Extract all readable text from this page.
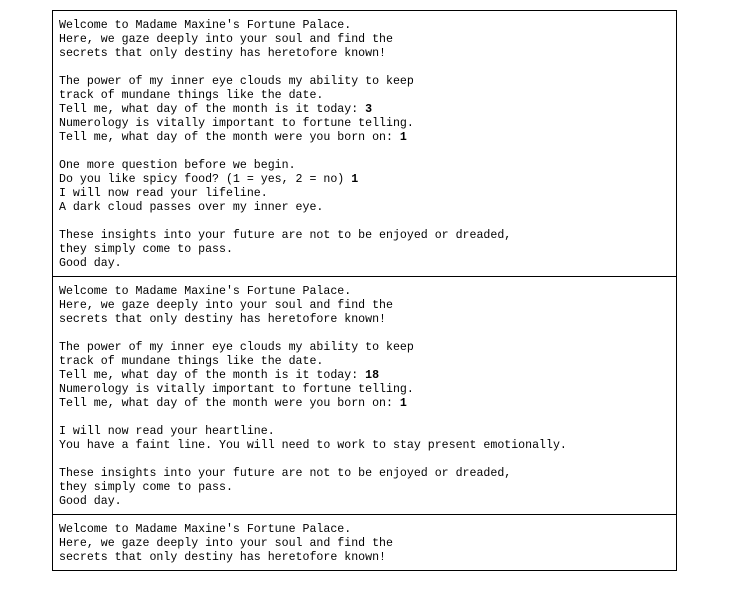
Welcome to Madame Maxine's Fortune Palace.
Here, we gaze deeply into your soul and find the
secrets that only destiny has heretofore known!
The power of my inner eye clouds my ability to keep
track of mundane things like the date.
Tell me, what day of the month is it today: 3
Numerology is vitally important to fortune telling.
Tell me, what day of the month were you born on: 1
One more question before we begin.
Do you like spicy food? (1 = yes, 2 = no) 1
I will now read your lifeline.
A dark cloud passes over my inner eye.
These insights into your future are not to be enjoyed or dreaded,
they simply come to pass.
Good day.
Welcome to Madame Maxine's Fortune Palace.
Here, we gaze deeply into your soul and find the
secrets that only destiny has heretofore known!
The power of my inner eye clouds my ability to keep
track of mundane things like the date.
Tell me, what day of the month is it today: 18
Numerology is vitally important to fortune telling.
Tell me, what day of the month were you born on: 1
I will now read your heartline.
You have a faint line. You will need to work to stay present emotionally.
These insights into your future are not to be enjoyed or dreaded,
they simply come to pass.
Good day.
Welcome to Madame Maxine's Fortune Palace.
Here, we gaze deeply into your soul and find the
secrets that only destiny has heretofore known!
